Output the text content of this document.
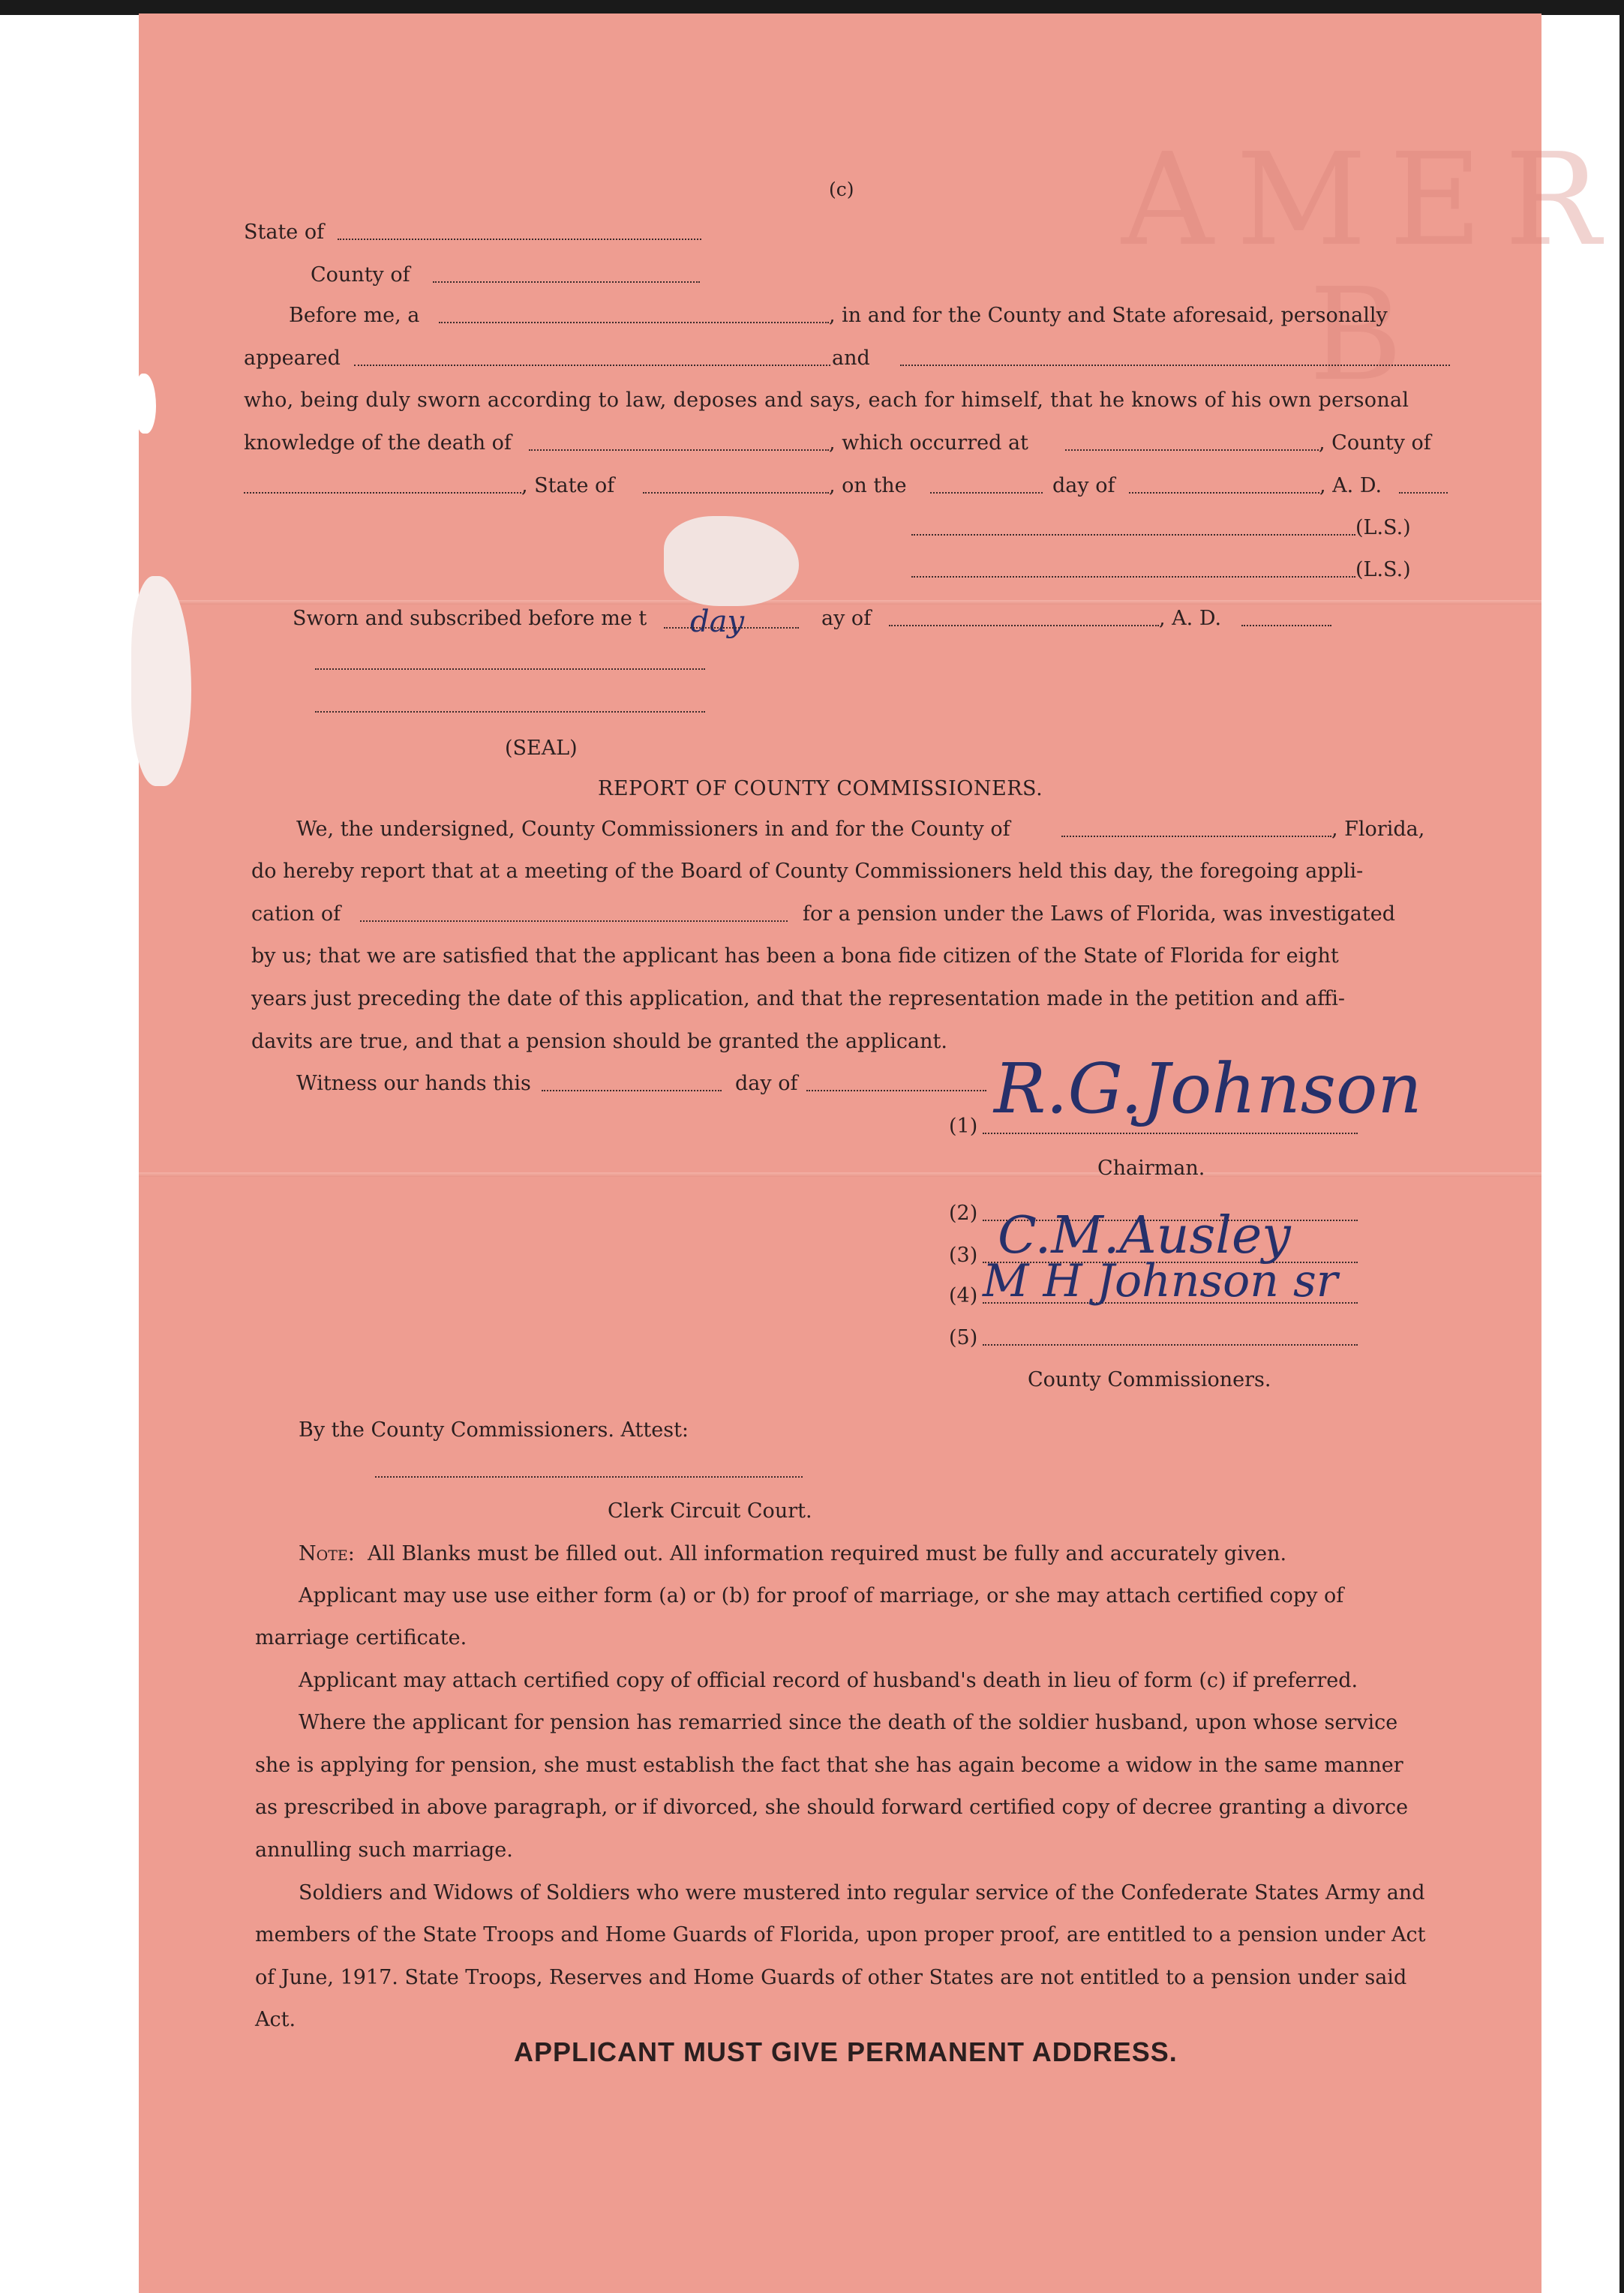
AMER
B
(c)
State of
County of
Before me, a	, in and for the County and State aforesaid, personally
appeared	and
who, being duly sworn according to law, deposes and says, each for himself, that he knows of his own personal
knowledge of the death of	, which occurred at	, County of
, State of	, on the	day of	, A. D.
(L.S.)
(L.S.)
Sworn and subscribed before me t day	ay of	, A. D.
(SEAL)
REPORT OF COUNTY COMMISSIONERS.
We, the undersigned, County Commissioners in and for the County of	, Florida,
do hereby report that at a meeting of the Board of County Commissioners held this day, the foregoing appli-
cation of	for a pension under the Laws of Florida, was investigated
by us; that we are satisfied that the applicant has been a bona fide citizen of the State of Florida for eight
years just preceding the date of this application, and that the representation made in the petition and affi-
davits are true, and that a pension should be granted the applicant.
Witness our hands this	day of
(1) R.G.Johnson
Chairman.
(2)
(3) C.M.Ausley
(4) M H Johnson sr
(5)
County Commissioners.
By the County Commissioners. Attest:
Clerk Circuit Court.
Note: All Blanks must be filled out. All information required must be fully and accurately given.
Applicant may use use either form (a) or (b) for proof of marriage, or she may attach certified copy of
marriage certificate.
Applicant may attach certified copy of official record of husband's death in lieu of form (c) if preferred.
Where the applicant for pension has remarried since the death of the soldier husband, upon whose service
she is applying for pension, she must establish the fact that she has again become a widow in the same manner
as prescribed in above paragraph, or if divorced, she should forward certified copy of decree granting a divorce
annulling such marriage.
Soldiers and Widows of Soldiers who were mustered into regular service of the Confederate States Army and
members of the State Troops and Home Guards of Florida, upon proper proof, are entitled to a pension under Act
of June, 1917. State Troops, Reserves and Home Guards of other States are not entitled to a pension under said
Act.
APPLICANT MUST GIVE PERMANENT ADDRESS.
